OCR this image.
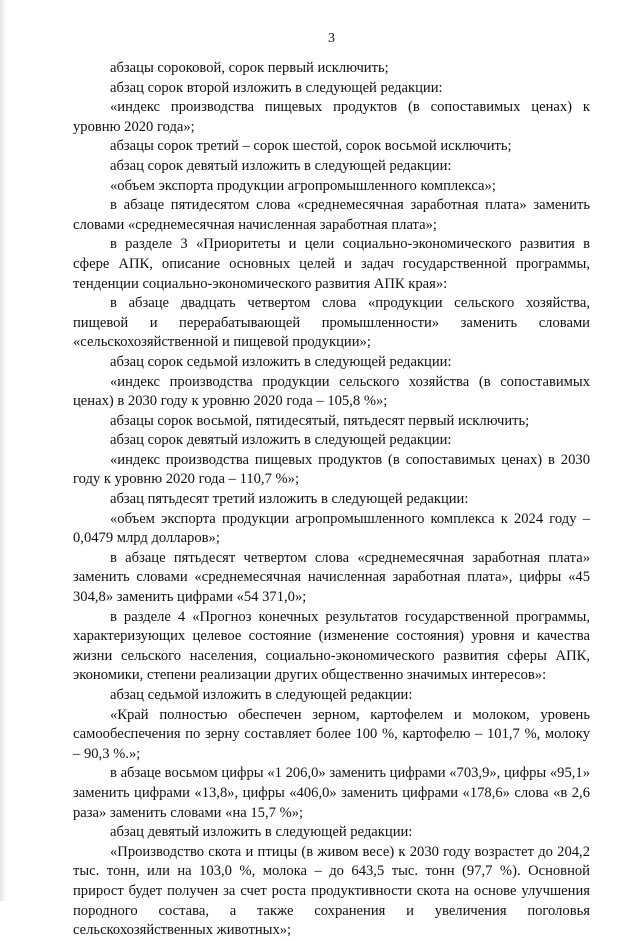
3

абзацы сороковой, сорок первый исключить;

абзац сорок второй изложить в следующей редакции:

«индекс производства пищевых продуктов (в сопоставимых ценах) к уровню 2020 года»;

абзацы сорок третий – сорок шестой, сорок восьмой исключить;

абзац сорок девятый изложить в следующей редакции:

«объем экспорта продукции агропромышленного комплекса»;

в абзаце пятидесятом слова «среднемесячная заработная плата» заменить словами «среднемесячная начисленная заработная плата»;

в разделе 3 «Приоритеты и цели социально-экономического развития в сфере АПК, описание основных целей и задач государственной программы, тенденции социально-экономического развития АПК края»:

в абзаце двадцать четвертом слова «продукции сельского хозяйства, пищевой и перерабатывающей промышленности» заменить словами «сельскохозяйственной и пищевой продукции»;

абзац сорок седьмой изложить в следующей редакции:

«индекс производства продукции сельского хозяйства (в сопоставимых ценах) в 2030 году к уровню 2020 года – 105,8 %»;

абзацы сорок восьмой, пятидесятый, пятьдесят первый исключить;

абзац сорок девятый изложить в следующей редакции:

«индекс производства пищевых продуктов (в сопоставимых ценах) в 2030 году к уровню 2020 года – 110,7 %»;

абзац пятьдесят третий изложить в следующей редакции:

«объем экспорта продукции агропромышленного комплекса к 2024 году – 0,0479 млрд долларов»;

в абзаце пятьдесят четвертом слова «среднемесячная заработная плата» заменить словами «среднемесячная начисленная заработная плата», цифры «45 304,8» заменить цифрами «54 371,0»;

в разделе 4 «Прогноз конечных результатов государственной программы, характеризующих целевое состояние (изменение состояния) уровня и качества жизни сельского населения, социально-экономического развития сферы АПК, экономики, степени реализации других общественно значимых интересов»:

абзац седьмой изложить в следующей редакции:

«Край полностью обеспечен зерном, картофелем и молоком, уровень самообеспечения по зерну составляет более 100 %, картофелю – 101,7 %, молоку – 90,3 %.»;

в абзаце восьмом цифры «1 206,0» заменить цифрами «703,9», цифры «95,1» заменить цифрами «13,8», цифры «406,0» заменить цифрами «178,6» слова «в 2,6 раза» заменить словами «на 15,7 %»;

абзац девятый изложить в следующей редакции:

«Производство скота и птицы (в живом весе) к 2030 году возрастет до 204,2 тыс. тонн, или на 103,0 %, молока – до 643,5 тыс. тонн (97,7 %). Основной прирост будет получен за счет роста продуктивности скота на основе улучшения породного состава, а также сохранения и увеличения поголовья сельскохозяйственных животных»;
